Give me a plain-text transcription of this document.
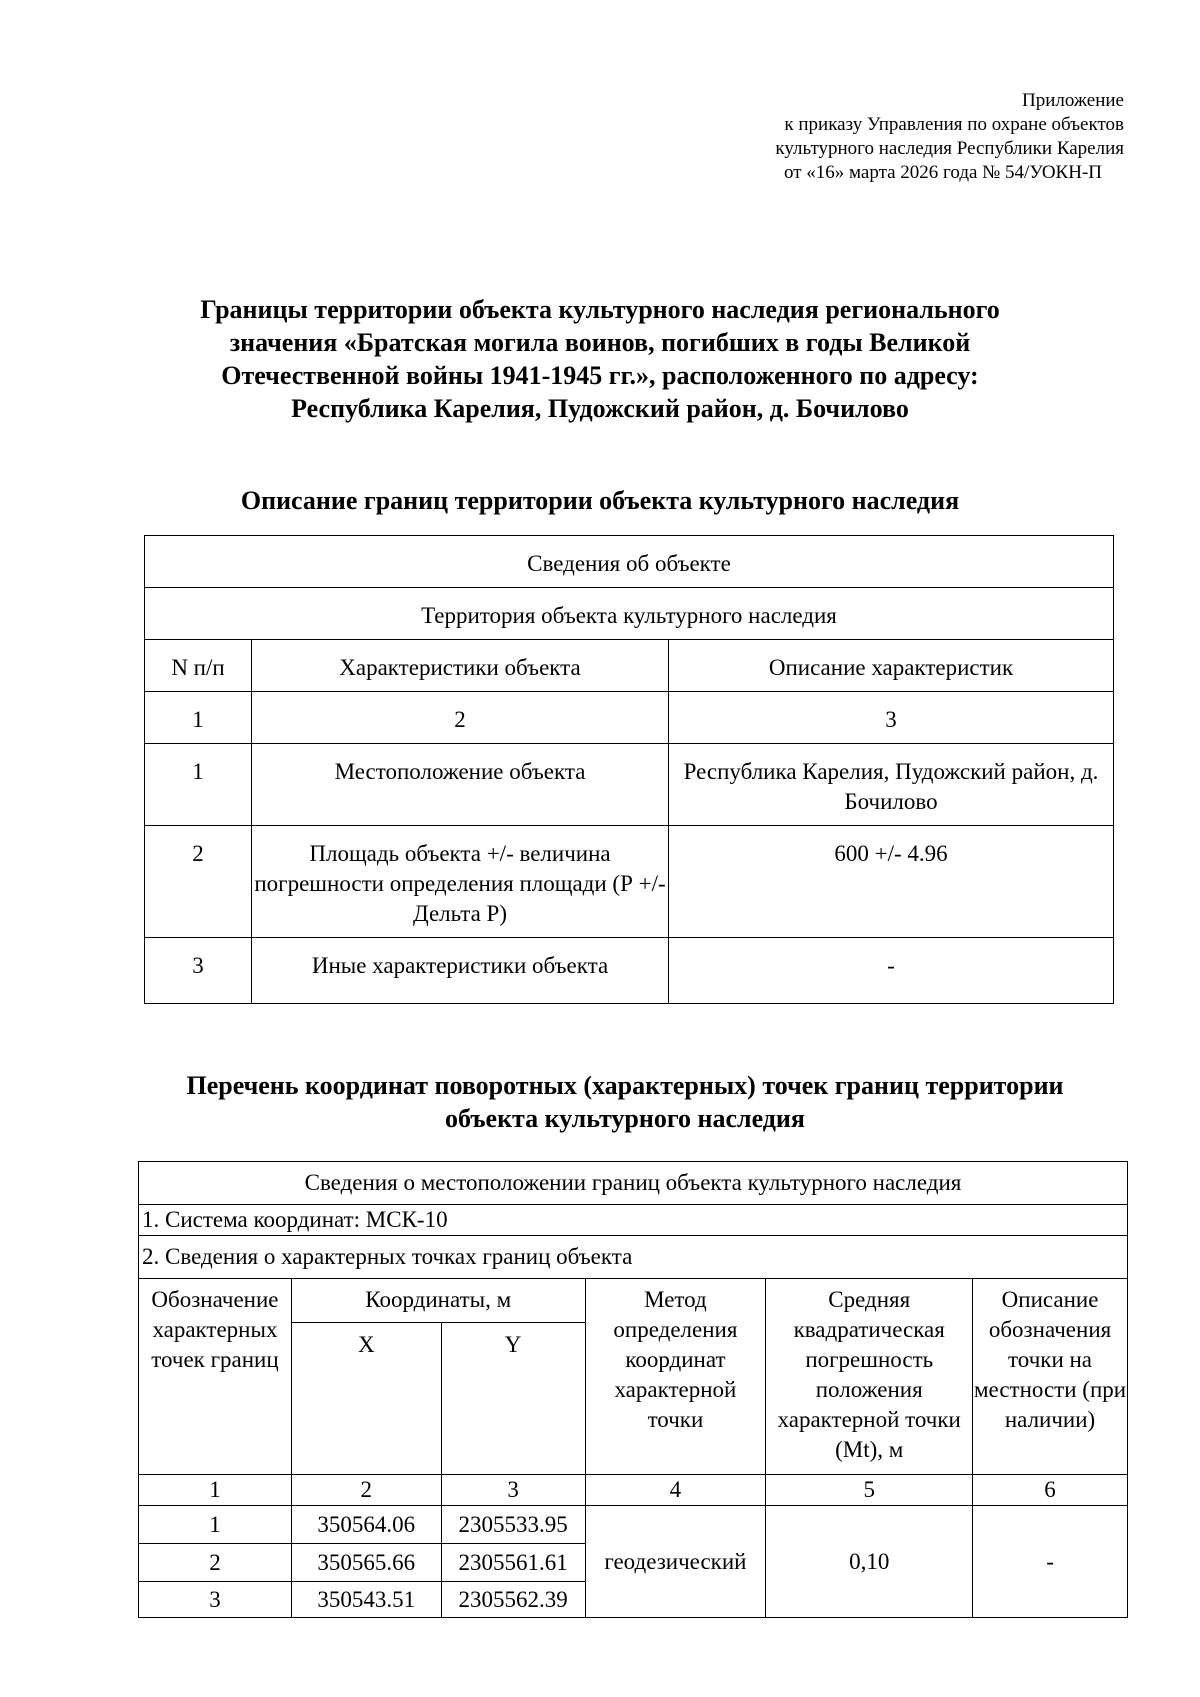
Приложение
к приказу Управления по охране объектов
культурного наследия Республики Карелия
от «16» марта 2026 года № 54/УОКН-П
Границы территории объекта культурного наследия регионального
значения «Братская могила воинов, погибших в годы Великой
Отечественной войны 1941-1945 гг.», расположенного по адресу:
Республика Карелия, Пудожский район, д. Бочилово
Описание границ территории объекта культурного наследия
Сведения об объекте		
Территория объекта культурного наследия		
N п/п	Характеристики объекта	Описание характеристик
1	2	3
1	Местоположение объекта	Республика Карелия, Пудожский район, д. Бочилово
2	Площадь объекта +/- величина погрешности определения площади (Р +/- Дельта Р)	600 +/- 4.96
3	Иные характеристики объекта	-
Перечень координат поворотных (характерных) точек границ территории
объекта культурного наследия
Сведения о местоположении границ объекта культурного наследия					
1. Система координат: МСК-10					
2. Сведения о характерных точках границ объекта					
Обозначение характерных точек границ	Координаты, м		Метод определения координат характерной точки	Средняя квадратическая погрешность положения характерной точки (Mt), м	Описание обозначения точки на местности (при наличии)
	X	Y			
1	2	3	4	5	6
1	350564.06	2305533.95	геодезический	0,10	-
2	350565.66	2305561.61			
3	350543.51	2305562.39			
